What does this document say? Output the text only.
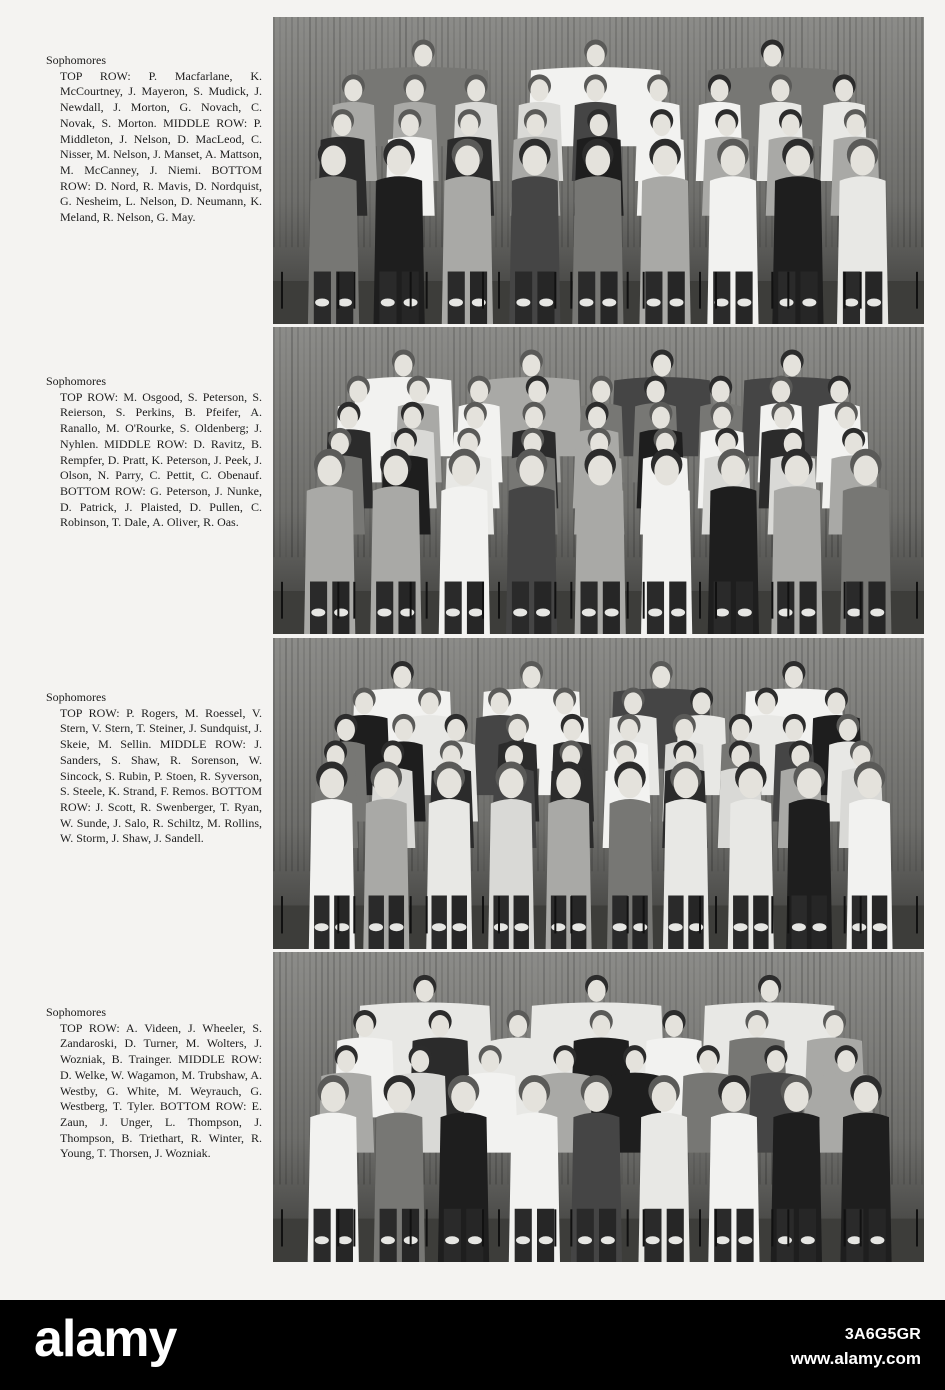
Sophomores
TOP ROW: P. Macfarlane, K. McCourtney, J. Mayeron, S. Mudick, J. Newdall, J. Morton, G. Novach, C. Novak, S. Morton. MIDDLE ROW: P. Middleton, J. Nelson, D. MacLeod, C. Nisser, M. Nelson, J. Manset, A. Mattson, M. McCanney, J. Niemi. BOTTOM ROW: D. Nord, R. Mavis, D. Nordquist, G. Nesheim, L. Nelson, D. Neumann, K. Meland, R. Nelson, G. May.
Sophomores
TOP ROW: M. Osgood, S. Peterson, S. Reierson, S. Perkins, B. Pfeifer, A. Ranallo, M. O'Rourke, S. Oldenberg; J. Nyhlen. MIDDLE ROW: D. Ravitz, B. Rempfer, D. Pratt, K. Peterson, J. Peek, J. Olson, N. Parry, C. Pettit, C. Obenauf. BOTTOM ROW: G. Peterson, J. Nunke, D. Patrick, J. Plaisted, D. Pullen, C. Robinson, T. Dale, A. Oliver, R. Oas.
Sophomores
TOP ROW: P. Rogers, M. Roessel, V. Stern, V. Stern, T. Steiner, J. Sundquist, J. Skeie, M. Sellin. MIDDLE ROW: J. Sanders, S. Shaw, R. Sorenson, W. Sincock, S. Rubin, P. Stoen, R. Syverson, S. Steele, K. Strand, F. Remos. BOTTOM ROW: J. Scott, R. Swenberger, T. Ryan, W. Sunde, J. Salo, R. Schiltz, M. Rollins, W. Storm, J. Shaw, J. Sandell.
Sophomores
TOP ROW: A. Videen, J. Wheeler, S. Zandaroski, D. Turner, M. Wolters, J. Wozniak, B. Trainger. MIDDLE ROW: D. Welke, W. Wagamon, M. Trubshaw, A. Westby, G. White, M. Weyrauch, G. Westberg, T. Tyler. BOTTOM ROW: E. Zaun, J. Unger, L. Thompson, J. Thompson, B. Triethart, R. Winter, R. Young, T. Thorsen, J. Wozniak.
alamy	3A6G5GR
www.alamy.com
